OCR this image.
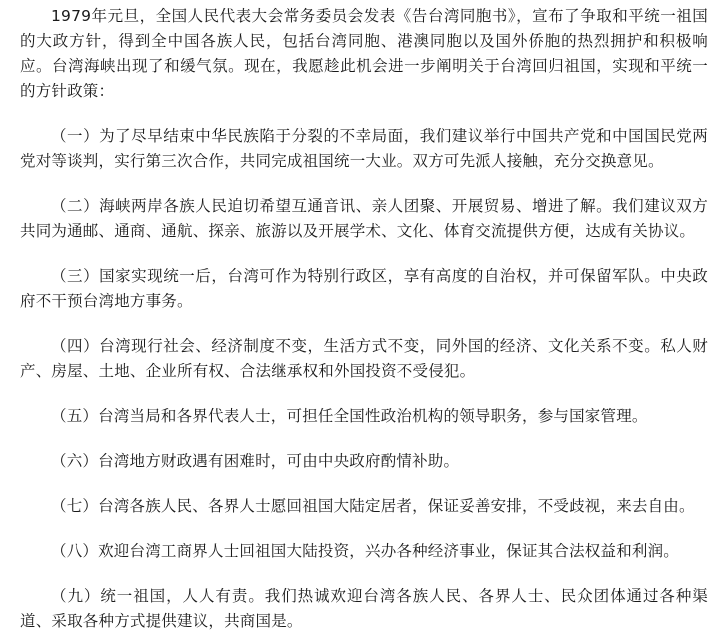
1979年元旦，全国人民代表大会常务委员会发表《告台湾同胞书》，宣布了争取和平统一祖国的大政方针，得到全中国各族人民，包括台湾同胞、港澳同胞以及国外侨胞的热烈拥护和积极响应。台湾海峡出现了和缓气氛。现在，我愿趁此机会进一步阐明关于台湾回归祖国，实现和平统一的方针政策：

（一）为了尽早结束中华民族陷于分裂的不幸局面，我们建议举行中国共产党和中国国民党两党对等谈判，实行第三次合作，共同完成祖国统一大业。双方可先派人接触，充分交换意见。

（二）海峡两岸各族人民迫切希望互通音讯、亲人团聚、开展贸易、增进了解。我们建议双方共同为通邮、通商、通航、探亲、旅游以及开展学术、文化、体育交流提供方便，达成有关协议。

（三）国家实现统一后，台湾可作为特别行政区，享有高度的自治权，并可保留军队。中央政府不干预台湾地方事务。

（四）台湾现行社会、经济制度不变，生活方式不变，同外国的经济、文化关系不变。私人财产、房屋、土地、企业所有权、合法继承权和外国投资不受侵犯。

（五）台湾当局和各界代表人士，可担任全国性政治机构的领导职务，参与国家管理。

（六）台湾地方财政遇有困难时，可由中央政府酌情补助。

（七）台湾各族人民、各界人士愿回祖国大陆定居者，保证妥善安排，不受歧视，来去自由。

（八）欢迎台湾工商界人士回祖国大陆投资，兴办各种经济事业，保证其合法权益和利润。

（九）统一祖国，人人有责。我们热诚欢迎台湾各族人民、各界人士、民众团体通过各种渠道、采取各种方式提供建议，共商国是。
